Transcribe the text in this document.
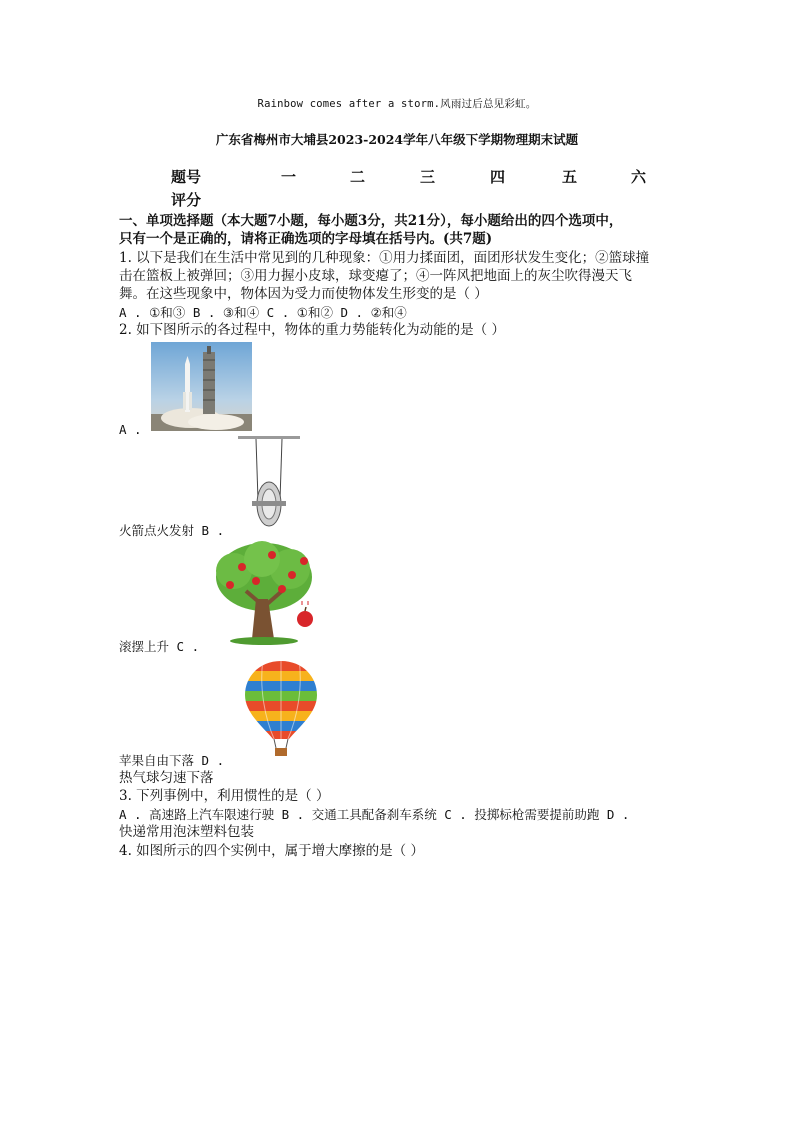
Rainbow comes after a storm.风雨过后总见彩虹。
广东省梅州市大埔县2023-2024学年八年级下学期物理期末试题
题号	一	二	三	四	五	六
评分
一、单项选择题（本大题7小题，每小题3分，共21分），每小题给出的四个选项中，
只有一个是正确的，请将正确选项的字母填在括号内。(共7题)
1. 以下是我们在生活中常见到的几种现象：①用力揉面团，面团形状发生变化；②篮球撞
击在篮板上被弹回；③用力握小皮球，球变瘪了；④一阵风把地面上的灰尘吹得漫天飞
舞。在这些现象中，物体因为受力而使物体发生形变的是（ ）
A . ①和③ B . ③和④ C . ①和② D . ②和④
2. 如下图所示的各过程中，物体的重力势能转化为动能的是（ ）
A .
火箭点火发射 B .
滚摆上升 C .
苹果自由下落 D .
热气球匀速下落
3. 下列事例中，利用惯性的是（ ）
A . 高速路上汽车限速行驶 B . 交通工具配备刹车系统 C . 投掷标枪需要提前助跑 D .
快递常用泡沫塑料包装
4. 如图所示的四个实例中，属于增大摩擦的是（ ）
